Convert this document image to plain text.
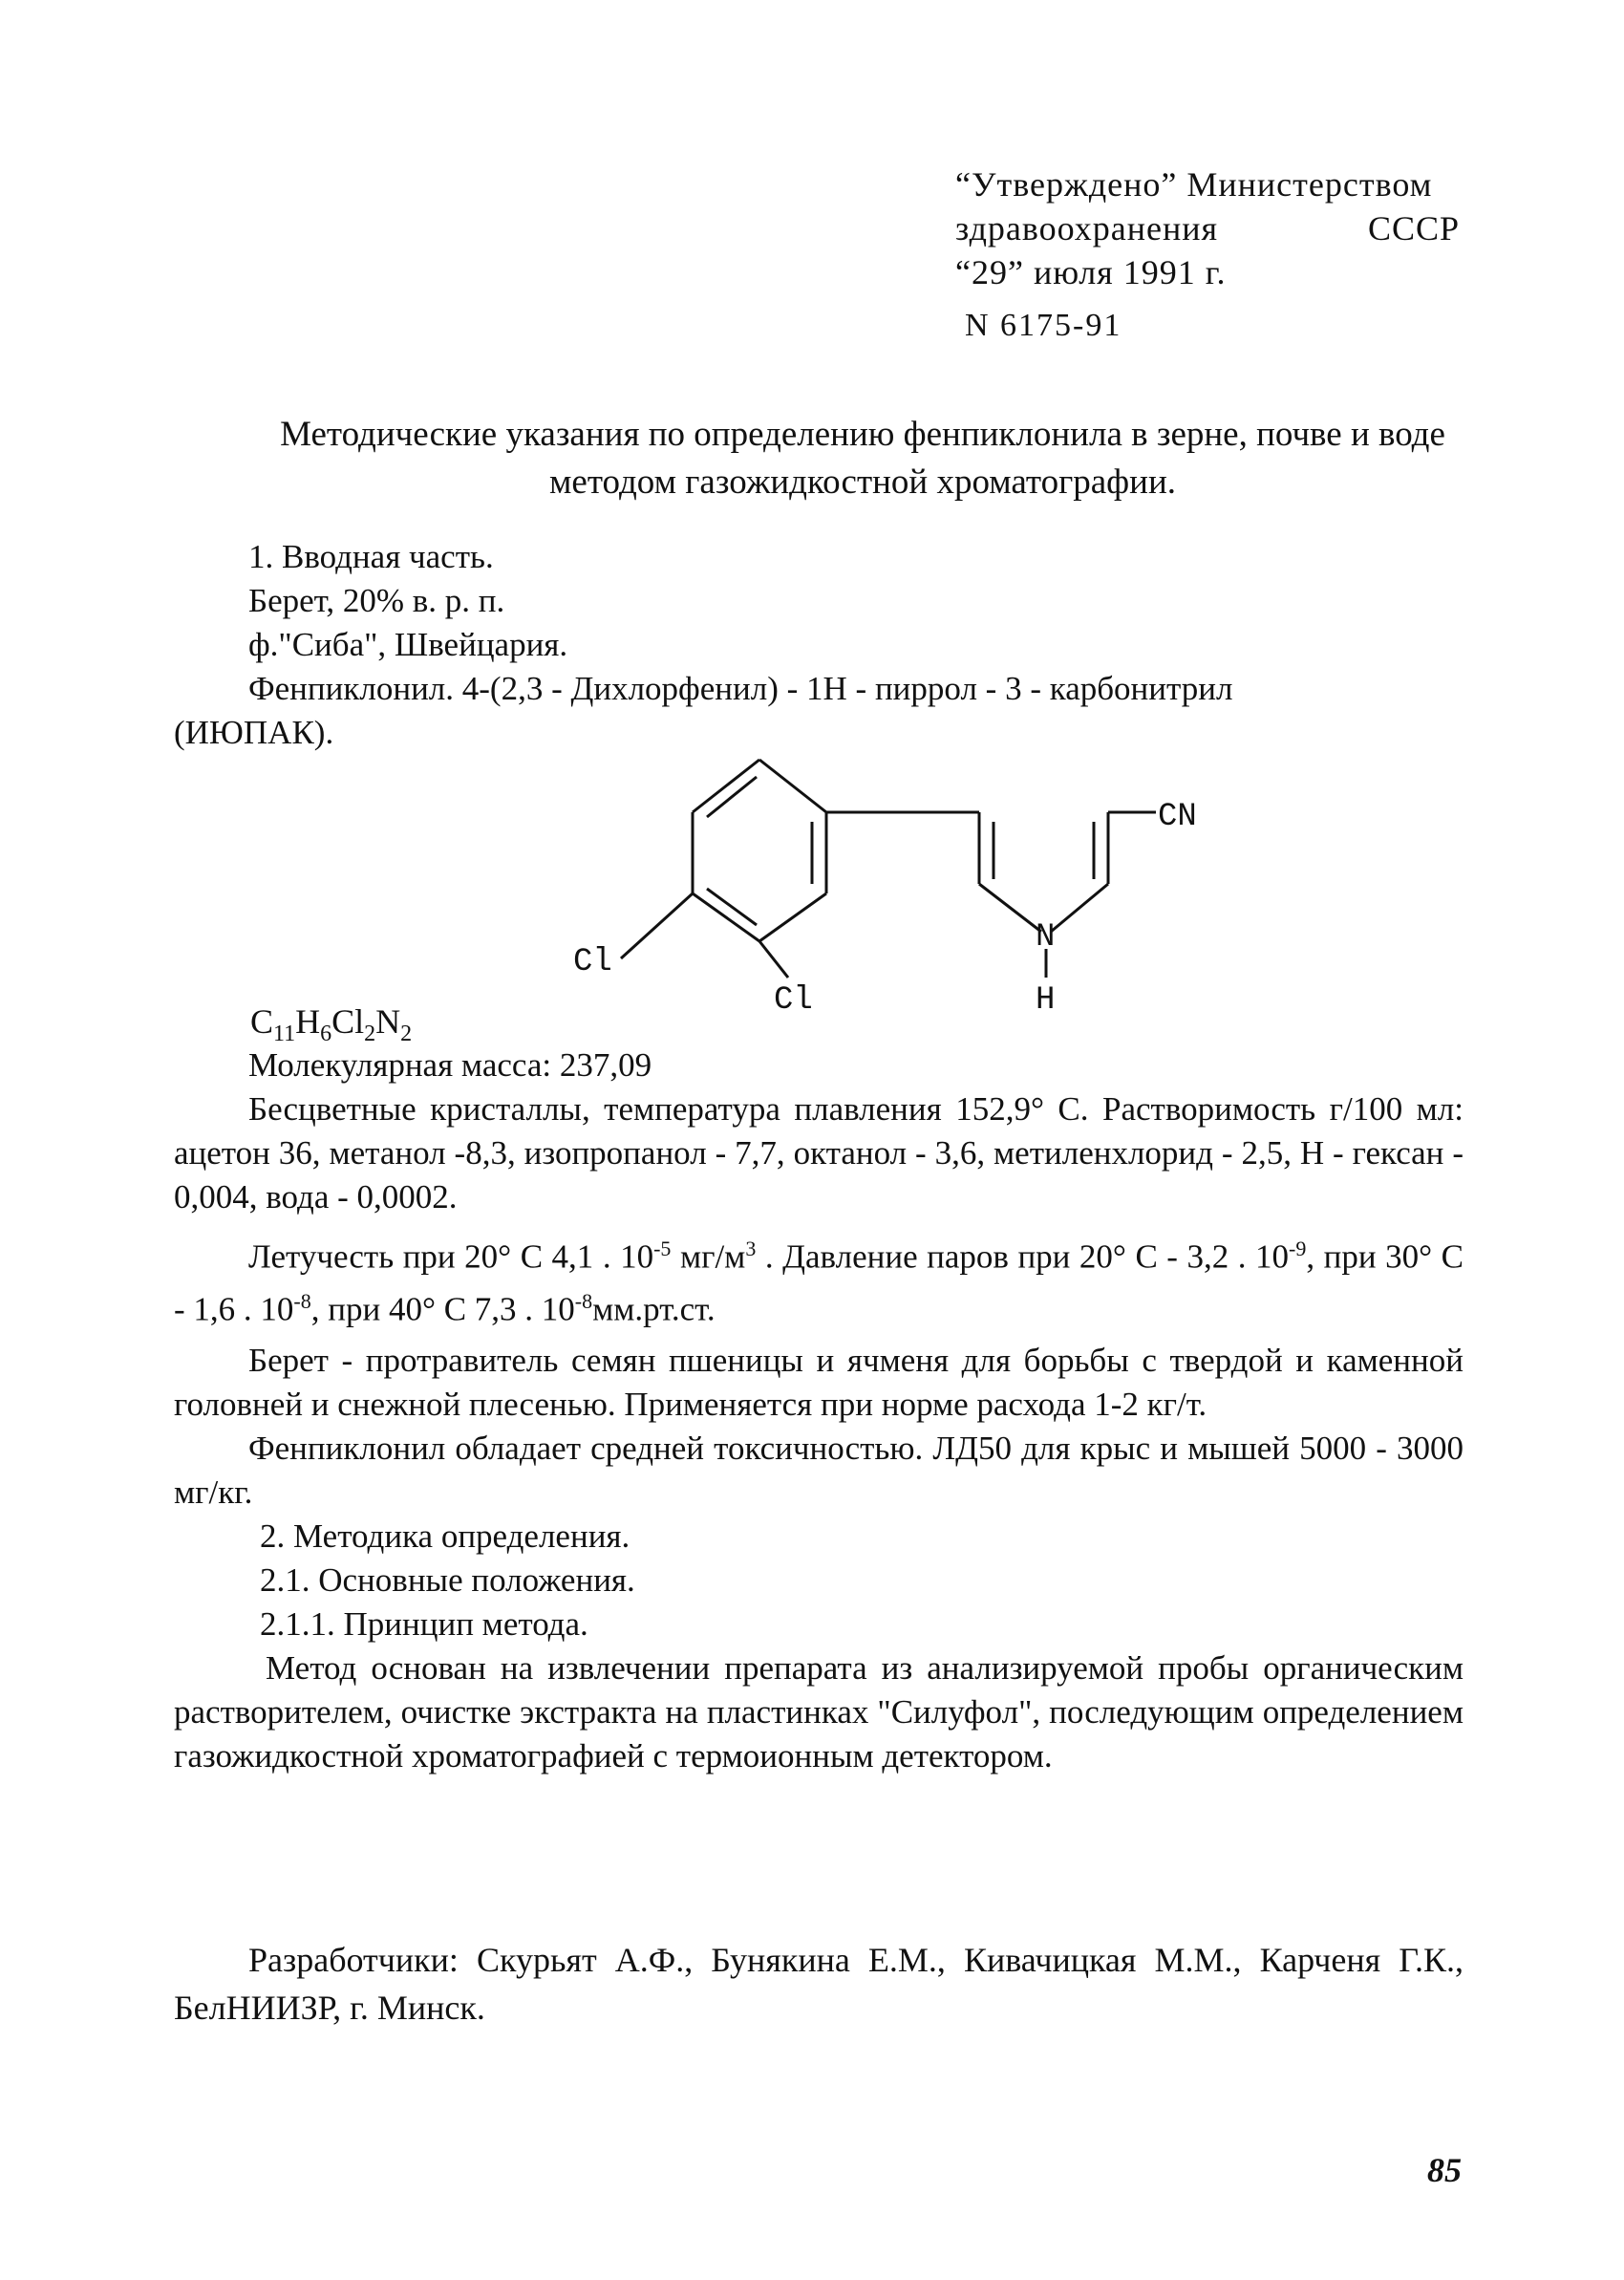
“Утверждено” Министерством
здравоохранения	СССР
“29” июля 1991 г.
N 6175-91
Методические указания по определению фенпиклонила в зерне, почве и воде методом газожидкостной хроматографии.
1. Вводная часть.
Берет, 20% в. р. п.
ф."Сиба", Швейцария.
Фенпиклонил. 4-(2,3 - Дихлорфенил) - 1Н - пиррол - 3 - карбонитрил
(ИЮПАК).
CN
N
H
Cl
Cl
$C_{11}H_6Cl_2N_2$
Молекулярная масса: 237,09
Бесцветные кристаллы, температура плавления 152,9° С. Растворимость г/100 мл: ацетон 36, метанол -8,3, изопропанол - 7,7, октанол - 3,6, метиленхлорид - 2,5, Н - гексан - 0,004, вода - 0,0002.
Летучесть при 20° С 4,1 . $10^{-5}$ $мг/м^3$ . Давление паров при 20° С - 3,2 . $10^{-9}$, при 30° С - 1,6 . $10^{-8}$, при 40° С 7,3 . $10^{-8}мм.рт.ст$.
Берет - протравитель семян пшеницы и ячменя для борьбы с твердой и каменной головней и снежной плесенью. Применяется при норме расхода 1-2 кг/т.
Фенпиклонил обладает средней токсичностью. ЛД50 для крыс и мышей 5000 - 3000 мг/кг.
2. Методика определения.
2.1. Основные положения.
2.1.1. Принцип метода.
Метод основан на извлечении препарата из анализируемой пробы органическим растворителем, очистке экстракта на пластинках "Силуфол", последующим определением газожидкостной хроматографией с термоионным детектором.
Разработчики: Скурьят А.Ф., Бунякина Е.М., Кивачицкая М.М., Карченя Г.К., БелНИИЗР, г. Минск.
85
